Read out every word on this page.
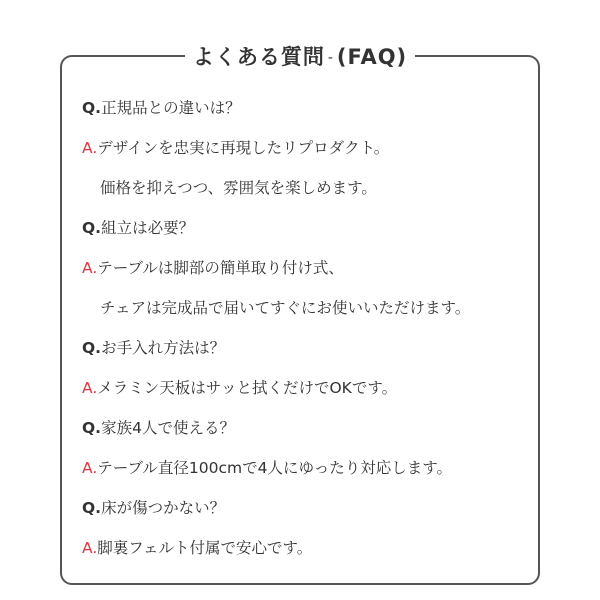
よくある質問 - (FAQ)
Q.正規品との違いは？
A.デザインを忠実に再現したリプロダクト。
価格を抑えつつ、雰囲気を楽しめます。
Q.組立は必要？
A.テーブルは脚部の簡単取り付け式、
チェアは完成品で届いてすぐにお使いいただけます。
Q.お手入れ方法は？
A.メラミン天板はサッと拭くだけでOKです。
Q.家族4人で使える？
A.テーブル直径100cmで4人にゆったり対応します。
Q.床が傷つかない？
A.脚裏フェルト付属で安心です。
